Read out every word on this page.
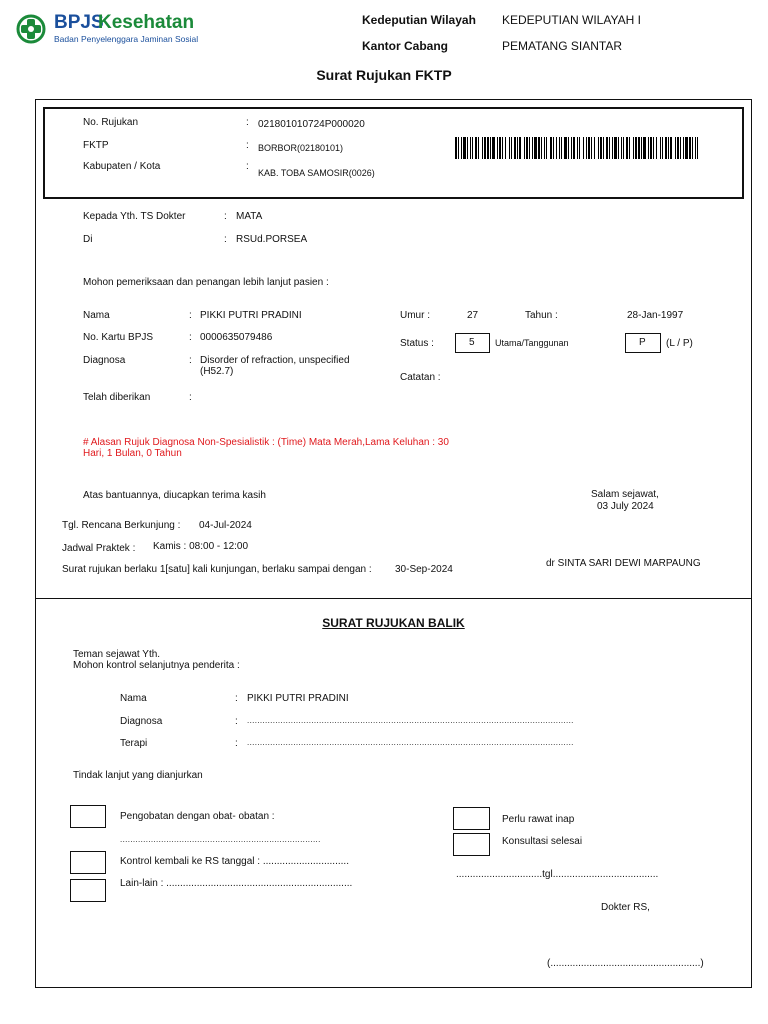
BPJS
Kesehatan
Badan Penyelenggara Jaminan Sosial
Kedeputian Wilayah KEDEPUTIAN WILAYAH I
Kantor Cabang	PEMATANG SIANTAR
Surat Rujukan FKTP
No. Rujukan	: 021801010724P000020
FKTP	: BORBOR(02180101)
Kabupaten / Kota	:
KAB. TOBA SAMOSIR(0026)
Kepada Yth. TS Dokter	: MATA
Di	: RSUd.PORSEA
Mohon pemeriksaan dan penangan lebih lanjut pasien :
Nama	: PIKKI PUTRI PRADINI
No. Kartu BPJS	: 0000635079486
Diagnosa	: Disorder of refraction, unspecified
(H52.7)
Telah diberikan	:
Umur :	27	Tahun :	28-Jan-1997
Status :	5 Utama/Tanggunan	P (L / P)
Catatan :
# Alasan Rujuk Diagnosa Non-Spesialistik : (Time) Mata Merah,Lama Keluhan : 30
Hari, 1 Bulan, 0 Tahun
Atas bantuannya, diucapkan terima kasih	Salam sejawat,
03 July 2024
Tgl. Rencana Berkunjung : 04-Jul-2024
Jadwal Praktek : Kamis : 08:00 - 12:00
Surat rujukan berlaku 1[satu] kali kunjungan, berlaku sampai dengan : 30-Sep-2024
dr SINTA SARI DEWI MARPAUNG
SURAT RUJUKAN BALIK
Teman sejawat Yth.
Mohon kontrol selanjutnya penderita :
Nama	: PIKKI PUTRI PRADINI
Diagnosa	: ...............................................................................................................................
Terapi	: ...............................................................................................................................
Tindak lanjut yang dianjurkan
Pengobatan dengan obat- obatan :
..............................................................................
Kontrol kembali ke RS tanggal : ...............................
Lain-lain : ...................................................................
Perlu rawat inap
Konsultasi selesai
...............................tgl......................................
Dokter RS,
(......................................................)
